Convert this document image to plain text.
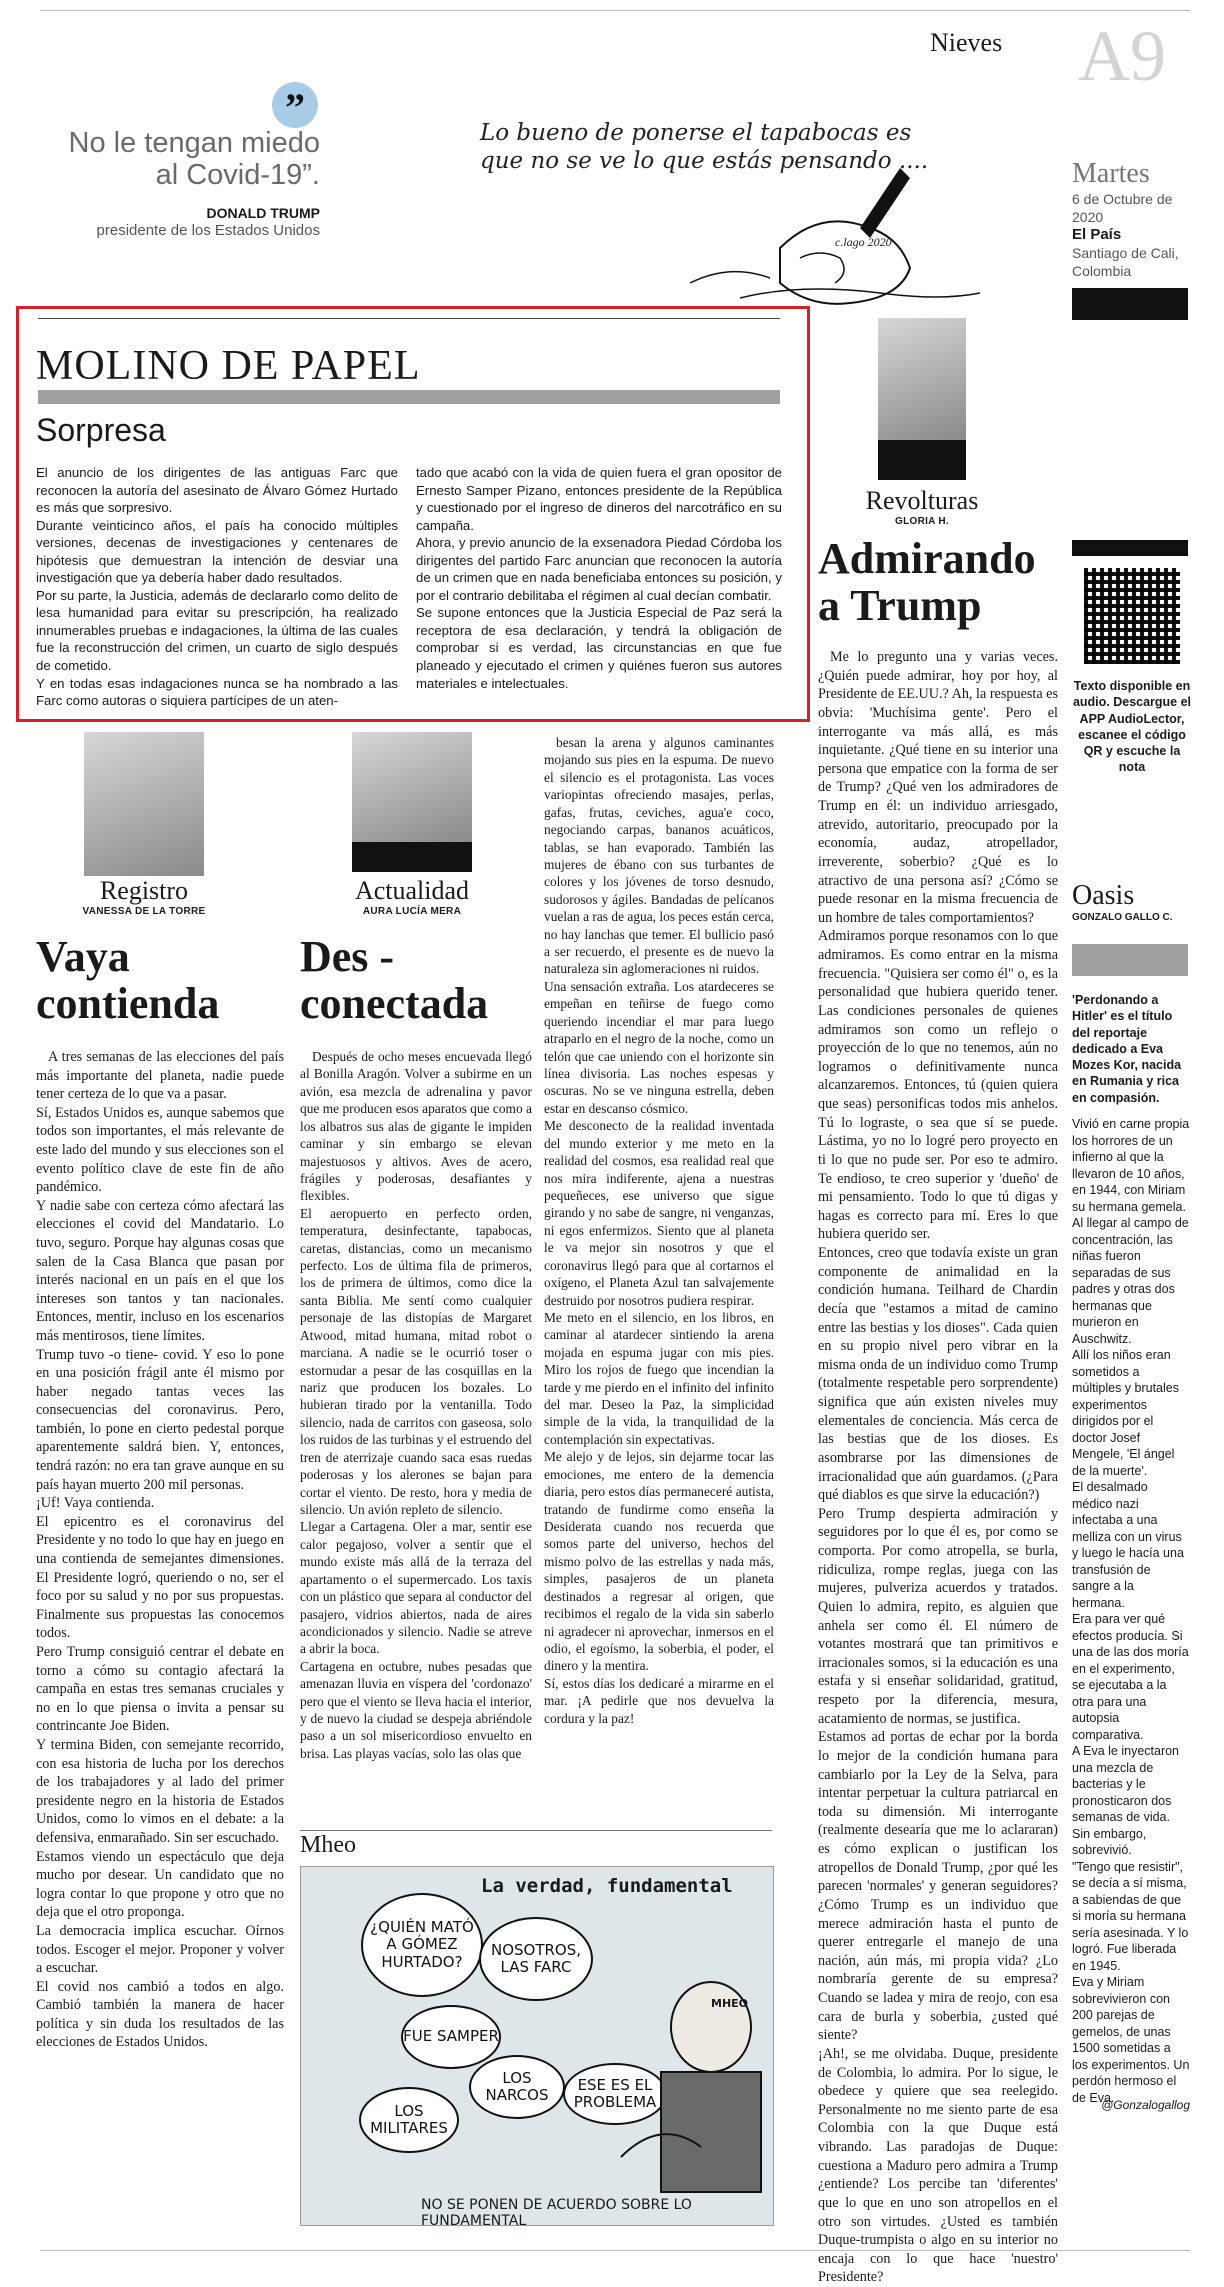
Nieves A9
”
No le tengan miedo al Covid-19”.
DONALD TRUMP
presidente de los Estados Unidos
Lo bueno de ponerse el tapabocas es que no se ve lo que estás pensando ....
c.lago 2020
Martes
6 de Octubre de 2020
El País
Santiago de Cali, Colombia
MOLINO DE PAPEL
Sorpresa
El anuncio de los dirigentes de las antiguas Farc que reconocen la autoría del asesinato de Álvaro Gómez Hurtado es más que sorpresivo.
Durante veinticinco años, el país ha conocido múltiples versiones, decenas de investigaciones y centenares de hipótesis que demuestran la intención de desviar una investigación que ya debería haber dado resultados.
Por su parte, la Justicia, además de declararlo como delito de lesa humanidad para evitar su prescripción, ha realizado innumerables pruebas e indagaciones, la última de las cuales fue la reconstrucción del crimen, un cuarto de siglo después de cometido.
Y en todas esas indagaciones nunca se ha nombrado a las Farc como autoras o siquiera partícipes de un aten-
tado que acabó con la vida de quien fuera el gran opositor de Ernesto Samper Pizano, entonces presidente de la República y cuestionado por el ingreso de dineros del narcotráfico en su campaña.
Ahora, y previo anuncio de la exsenadora Piedad Córdoba los dirigentes del partido Farc anuncian que reconocen la autoría de un crimen que en nada beneficiaba entonces su posición, y por el contrario debilitaba el régimen al cual decían combatir.
Se supone entonces que la Justicia Especial de Paz será la receptora de esa declaración, y tendrá la obligación de comprobar si es verdad, las circunstancias en que fue planeado y ejecutado el crimen y quiénes fueron sus autores materiales e intelectuales.
Revolturas
GLORIA H.
Admirando
a Trump
Me lo pregunto una y varias veces. ¿Quién puede admirar, hoy por hoy, al Presidente de EE.UU.? Ah, la respuesta es obvia: 'Muchísima gente'. Pero el interrogante va más allá, es más inquietante. ¿Qué tiene en su interior una persona que empatice con la forma de ser de Trump? ¿Qué ven los admiradores de Trump en él: un individuo arriesgado, atrevido, autoritario, preocupado por la economía, audaz, atropellador, irreverente, soberbio? ¿Qué es lo atractivo de una persona así? ¿Cómo se puede resonar en la misma frecuencia de un hombre de tales comportamientos?
Admiramos porque resonamos con lo que admiramos. Es como entrar en la misma frecuencia. "Quisiera ser como él" o, es la personalidad que hubiera querido tener. Las condiciones personales de quienes admiramos son como un reflejo o proyección de lo que no tenemos, aún no logramos o definitivamente nunca alcanzaremos. Entonces, tú (quien quiera que seas) personificas todos mis anhelos. Tú lo lograste, o sea que sí se puede. Lástima, yo no lo logré pero proyecto en ti lo que no pude ser. Por eso te admiro. Te endioso, te creo superior y 'dueño' de mi pensamiento. Todo lo que tú digas y hagas es correcto para mí. Eres lo que hubiera querido ser.
Entonces, creo que todavía existe un gran componente de animalidad en la condición humana. Teilhard de Chardin decía que "estamos a mitad de camino entre las bestias y los dioses". Cada quien en su propio nivel pero vibrar en la misma onda de un individuo como Trump (totalmente respetable pero sorprendente) significa que aún existen niveles muy elementales de conciencia. Más cerca de las bestias que de los dioses. Es asombrarse por las dimensiones de irracionalidad que aún guardamos. (¿Para qué diablos es que sirve la educación?)
Pero Trump despierta admiración y seguidores por lo que él es, por como se comporta. Por como atropella, se burla, ridiculiza, rompe reglas, juega con las mujeres, pulveriza acuerdos y tratados. Quien lo admira, repito, es alguien que anhela ser como él. El número de votantes mostrará que tan primitivos e irracionales somos, si la educación es una estafa y si enseñar solidaridad, gratitud, respeto por la diferencia, mesura, acatamiento de normas, se justifica.
Estamos ad portas de echar por la borda lo mejor de la condición humana para cambiarlo por la Ley de la Selva, para intentar perpetuar la cultura patriarcal en toda su dimensión. Mi interrogante (realmente desearía que me lo aclararan) es cómo explican o justifican los atropellos de Donald Trump, ¿por qué les parecen 'normales' y generan seguidores? ¿Cómo Trump es un individuo que merece admiración hasta el punto de querer entregarle el manejo de una nación, aún más, mi propia vida? ¿Lo nombraría gerente de su empresa? Cuando se ladea y mira de reojo, con esa cara de burla y soberbia, ¿usted qué siente?
¡Ah!, se me olvidaba. Duque, presidente de Colombia, lo admira. Por lo sigue, le obedece y quiere que sea reelegido. Personalmente no me siento parte de esa Colombia con la que Duque está vibrando. Las paradojas de Duque: cuestiona a Maduro pero admira a Trump ¿entiende? Los percibe tan 'diferentes' que lo que en uno son atropellos en el otro son virtudes. ¿Usted es también Duque-trumpista o algo en su interior no encaja con lo que hace 'nuestro' Presidente?
Texto disponible en audio. Descargue el APP AudioLector, escanee el código QR y escuche la nota
Oasis
GONZALO GALLO C.
'Perdonando a Hitler' es el título del reportaje dedicado a Eva Mozes Kor, nacida en Rumania y rica en compasión.
Vivió en carne propia los horrores de un infierno al que la llevaron de 10 años, en 1944, con Miriam su hermana gemela.
Al llegar al campo de concentración, las niñas fueron separadas de sus padres y otras dos hermanas que murieron en Auschwitz.
Allí los niños eran sometidos a múltiples y brutales experimentos dirigidos por el doctor Josef Mengele, 'El ángel de la muerte'.
El desalmado médico nazi infectaba a una melliza con un virus y luego le hacía una transfusión de sangre a la hermana.
Era para ver qué efectos producía. Si una de las dos moría en el experimento, se ejecutaba a la otra para una autopsia comparativa.
A Eva le inyectaron una mezcla de bacterias y le pronosticaron dos semanas de vida. Sin embargo, sobrevivió.
"Tengo que resistir", se decía a sí misma, a sabiendas de que si moría su hermana sería asesinada. Y lo logró. Fue liberada en 1945.
Eva y Miriam sobrevivieron con 200 parejas de gemelos, de unas 1500 sometidas a los experimentos. Un perdón hermoso el de Eva.
@Gonzalogallog
Registro
VANESSA DE LA TORRE
Vaya contienda
A tres semanas de las elecciones del país más importante del planeta, nadie puede tener certeza de lo que va a pasar.
Sí, Estados Unidos es, aunque sabemos que todos son importantes, el más relevante de este lado del mundo y sus elecciones son el evento político clave de este fin de año pandémico.
Y nadie sabe con certeza cómo afectará las elecciones el covid del Mandatario. Lo tuvo, seguro. Porque hay algunas cosas que salen de la Casa Blanca que pasan por interés nacional en un país en el que los intereses son tantos y tan nacionales. Entonces, mentir, incluso en los escenarios más mentirosos, tiene límites.
Trump tuvo -o tiene- covid. Y eso lo pone en una posición frágil ante él mismo por haber negado tantas veces las consecuencias del coronavirus. Pero, también, lo pone en cierto pedestal porque aparentemente saldrá bien. Y, entonces, tendrá razón: no era tan grave aunque en su país hayan muerto 200 mil personas.
¡Uf! Vaya contienda.
El epicentro es el coronavirus del Presidente y no todo lo que hay en juego en una contienda de semejantes dimensiones. El Presidente logró, queriendo o no, ser el foco por su salud y no por sus propuestas. Finalmente sus propuestas las conocemos todos.
Pero Trump consiguió centrar el debate en torno a cómo su contagio afectará la campaña en estas tres semanas cruciales y no en lo que piensa o invita a pensar su contrincante Joe Biden.
Y termina Biden, con semejante recorrido, con esa historia de lucha por los derechos de los trabajadores y al lado del primer presidente negro en la historia de Estados Unidos, como lo vimos en el debate: a la defensiva, enmarañado. Sin ser escuchado.
Estamos viendo un espectáculo que deja mucho por desear. Un candidato que no logra contar lo que propone y otro que no deja que el otro proponga.
La democracia implica escuchar. Oírnos todos. Escoger el mejor. Proponer y volver a escuchar.
El covid nos cambió a todos en algo. Cambió también la manera de hacer política y sin duda los resultados de las elecciones de Estados Unidos.
Actualidad
AURA LUCÍA MERA
Des -
conectada
Después de ocho meses encuevada llegó al Bonilla Aragón. Volver a subirme en un avión, esa mezcla de adrenalina y pavor que me producen esos aparatos que como a los albatros sus alas de gigante le impiden caminar y sin embargo se elevan majestuosos y altivos. Aves de acero, frágiles y poderosas, desafiantes y flexibles.
El aeropuerto en perfecto orden, temperatura, desinfectante, tapabocas, caretas, distancias, como un mecanismo perfecto. Los de última fila de primeros, los de primera de últimos, como dice la santa Biblia. Me sentí como cualquier personaje de las distopías de Margaret Atwood, mitad humana, mitad robot o marciana. A nadie se le ocurrió toser o estornudar a pesar de las cosquillas en la nariz que producen los bozales. Lo hubieran tirado por la ventanilla. Todo silencio, nada de carritos con gaseosa, solo los ruidos de las turbinas y el estruendo del tren de aterrizaje cuando saca esas ruedas poderosas y los alerones se bajan para cortar el viento. De resto, hora y media de silencio. Un avión repleto de silencio.
Llegar a Cartagena. Oler a mar, sentir ese calor pegajoso, volver a sentir que el mundo existe más allá de la terraza del apartamento o el supermercado. Los taxis con un plástico que separa al conductor del pasajero, vidrios abiertos, nada de aires acondicionados y silencio. Nadie se atreve a abrir la boca.
Cartagena en octubre, nubes pesadas que amenazan lluvia en víspera del 'cordonazo' pero que el viento se lleva hacia el interior, y de nuevo la ciudad se despeja abriéndole paso a un sol misericordioso envuelto en brisa. Las playas vacías, solo las olas que
besan la arena y algunos caminantes mojando sus pies en la espuma. De nuevo el silencio es el protagonista. Las voces variopintas ofreciendo masajes, perlas, gafas, frutas, ceviches, agua'e coco, negociando carpas, bananos acuáticos, tablas, se han evaporado. También las mujeres de ébano con sus turbantes de colores y los jóvenes de torso desnudo, sudorosos y ágiles. Bandadas de pelícanos vuelan a ras de agua, los peces están cerca, no hay lanchas que temer. El bullicio pasó a ser recuerdo, el presente es de nuevo la naturaleza sin aglomeraciones ni ruidos.
Una sensación extraña. Los atardeceres se empeñan en teñirse de fuego como queriendo incendiar el mar para luego atraparlo en el negro de la noche, como un telón que cae uniendo con el horizonte sin línea divisoria. Las noches espesas y oscuras. No se ve ninguna estrella, deben estar en descanso cósmico.
Me desconecto de la realidad inventada del mundo exterior y me meto en la realidad del cosmos, esa realidad real que nos mira indiferente, ajena a nuestras pequeñeces, ese universo que sigue girando y no sabe de sangre, ni venganzas, ni egos enfermizos. Siento que al planeta le va mejor sin nosotros y que el coronavirus llegó para que al cortarnos el oxígeno, el Planeta Azul tan salvajemente destruido por nosotros pudiera respirar.
Me meto en el silencio, en los libros, en caminar al atardecer sintiendo la arena mojada en espuma jugar con mis pies. Miro los rojos de fuego que incendian la tarde y me pierdo en el infinito del infinito del mar. Deseo la Paz, la simplicidad simple de la vida, la tranquilidad de la contemplación sin expectativas.
Me alejo y de lejos, sin dejarme tocar las emociones, me entero de la demencia diaria, pero estos días permaneceré autista, tratando de fundirme como enseña la Desiderata cuando nos recuerda que somos parte del universo, hechos del mismo polvo de las estrellas y nada más, simples, pasajeros de un planeta destinados a regresar al origen, que recibimos el regalo de la vida sin saberlo ni agradecer ni aprovechar, inmersos en el odio, el egoísmo, la soberbia, el poder, el dinero y la mentira.
Sí, estos días los dedicaré a mirarme en el mar. ¡A pedirle que nos devuelva la cordura y la paz!
Mheo
La verdad, fundamental
¿QUIÉN MATÓ A GÓMEZ HURTADO?
NOSOTROS, LAS FARC
FUE SAMPER
LOS NARCOS
ESE ES EL PROBLEMA
LOS MILITARES
NO SE PONEN DE ACUERDO SOBRE LO FUNDAMENTAL
MHEO
